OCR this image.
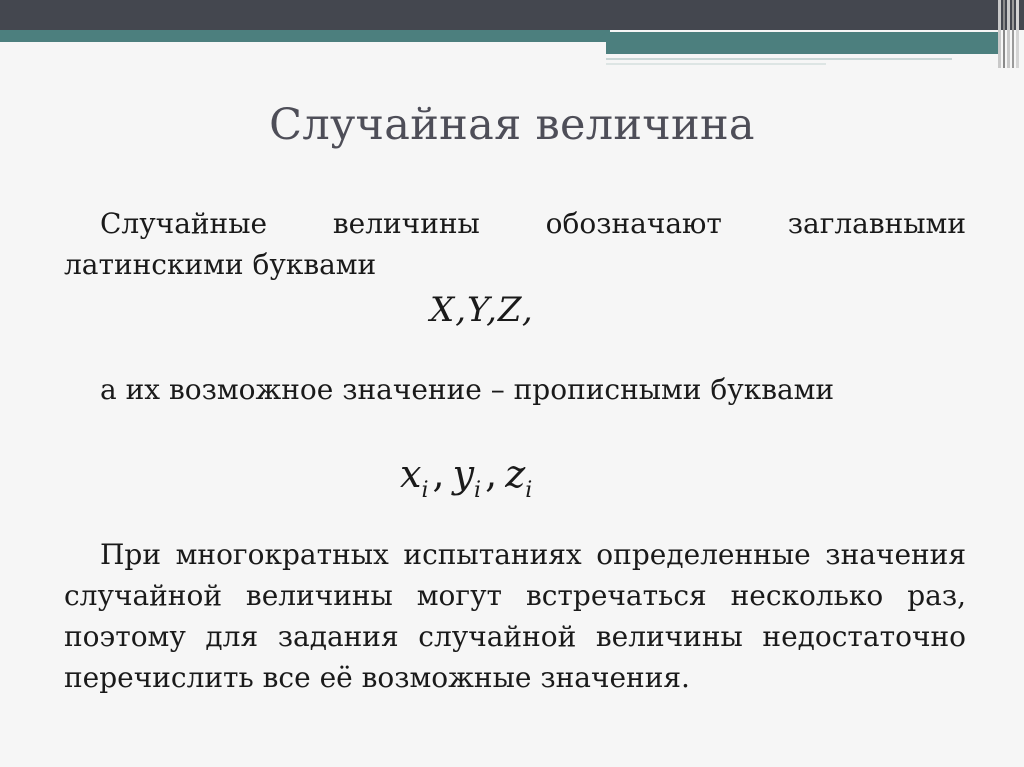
Случайная величина
Случайные величины обозначают заглавными латинскими буквами
X,Y,Z,
а их возможное значение – прописными буквами
$x_i$ , $y_i$ , $z_i$
При многократных испытаниях определенные значения случайной величины могут встречаться несколько раз, поэтому для задания случайной величины недостаточно перечислить все её возможные значения.
